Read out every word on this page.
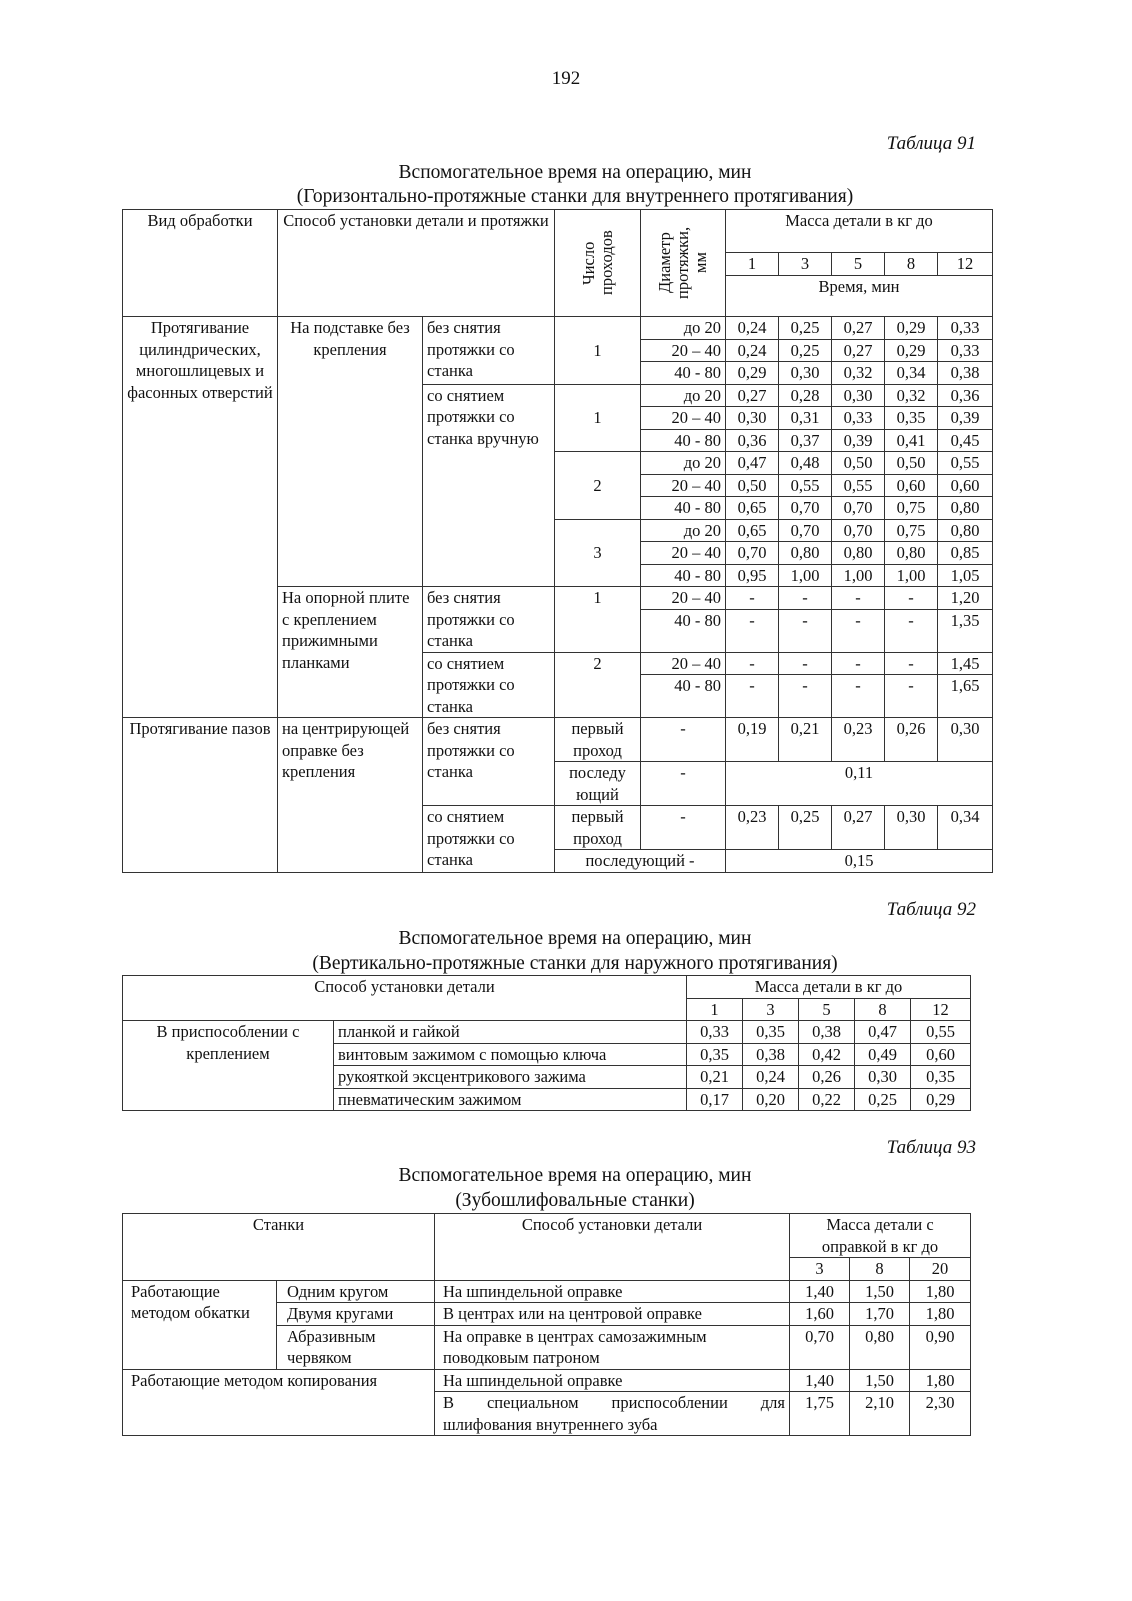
192
Таблица 91
Вспомогательное время на операцию, мин
(Горизонтально-протяжные станки для внутреннего протягивания)
Вид обработки	Способ установки детали и протяжки		Число проходов	Диаметр протяжки, мм	Масса детали в кг до				
					1	3	5	8	12
					Время, мин				
Протягивание цилиндрических, многошлицевых и фасонных отверстий	На подставке без крепления	без снятия протяжки со станка	1	до 20	0,24	0,25	0,27	0,29	0,33
				20 – 40	0,24	0,25	0,27	0,29	0,33
				40 - 80	0,29	0,30	0,32	0,34	0,38
		со снятием протяжки со станка вручную	1	до 20	0,27	0,28	0,30	0,32	0,36
				20 – 40	0,30	0,31	0,33	0,35	0,39
				40 - 80	0,36	0,37	0,39	0,41	0,45
			2	до 20	0,47	0,48	0,50	0,50	0,55
				20 – 40	0,50	0,55	0,55	0,60	0,60
				40 - 80	0,65	0,70	0,70	0,75	0,80
			3	до 20	0,65	0,70	0,70	0,75	0,80
				20 – 40	0,70	0,80	0,80	0,80	0,85
				40 - 80	0,95	1,00	1,00	1,00	1,05
	На опорной плите с креплением прижимными планками	без снятия протяжки со станка	1	20 – 40	-	-	-	-	1,20
				40 - 80	-	-	-	-	1,35
		со снятием протяжки со станка	2	20 – 40	-	-	-	-	1,45
				40 - 80	-	-	-	-	1,65
Протягивание пазов	на центрирующей оправке без крепления	без снятия протяжки со станка	первый проход	-	0,19	0,21	0,23	0,26	0,30
			последу ющий	-	0,11				
		со снятием протяжки со станка	первый проход	-	0,23	0,25	0,27	0,30	0,34
			последующий -		0,15				
Таблица 92
Вспомогательное время на операцию, мин
(Вертикально-протяжные станки для наружного протягивания)
Способ установки детали		Масса детали в кг до				
		1	3	5	8	12
В приспособлении с креплением	планкой и гайкой	0,33	0,35	0,38	0,47	0,55
	винтовым зажимом с помощью ключа	0,35	0,38	0,42	0,49	0,60
	рукояткой эксцентрикового зажима	0,21	0,24	0,26	0,30	0,35
	пневматическим зажимом	0,17	0,20	0,22	0,25	0,29
Таблица 93
Вспомогательное время на операцию, мин
(Зубошлифовальные станки)
Станки		Способ установки детали	Масса детали с оправкой в кг до		
			3	8	20
Работающие методом обкатки	Одним кругом	На шпиндельной оправке	1,40	1,50	1,80
	Двумя кругами	В центрах или на центровой оправке	1,60	1,70	1,80
	Абразивным червяком	На оправке в центрах самозажимным поводковым патроном	0,70	0,80	0,90
Работающие методом копирования		На шпиндельной оправке	1,40	1,50	1,80
		В специальном приспособлении для шлифования внутреннего зуба	1,75	2,10	2,30
